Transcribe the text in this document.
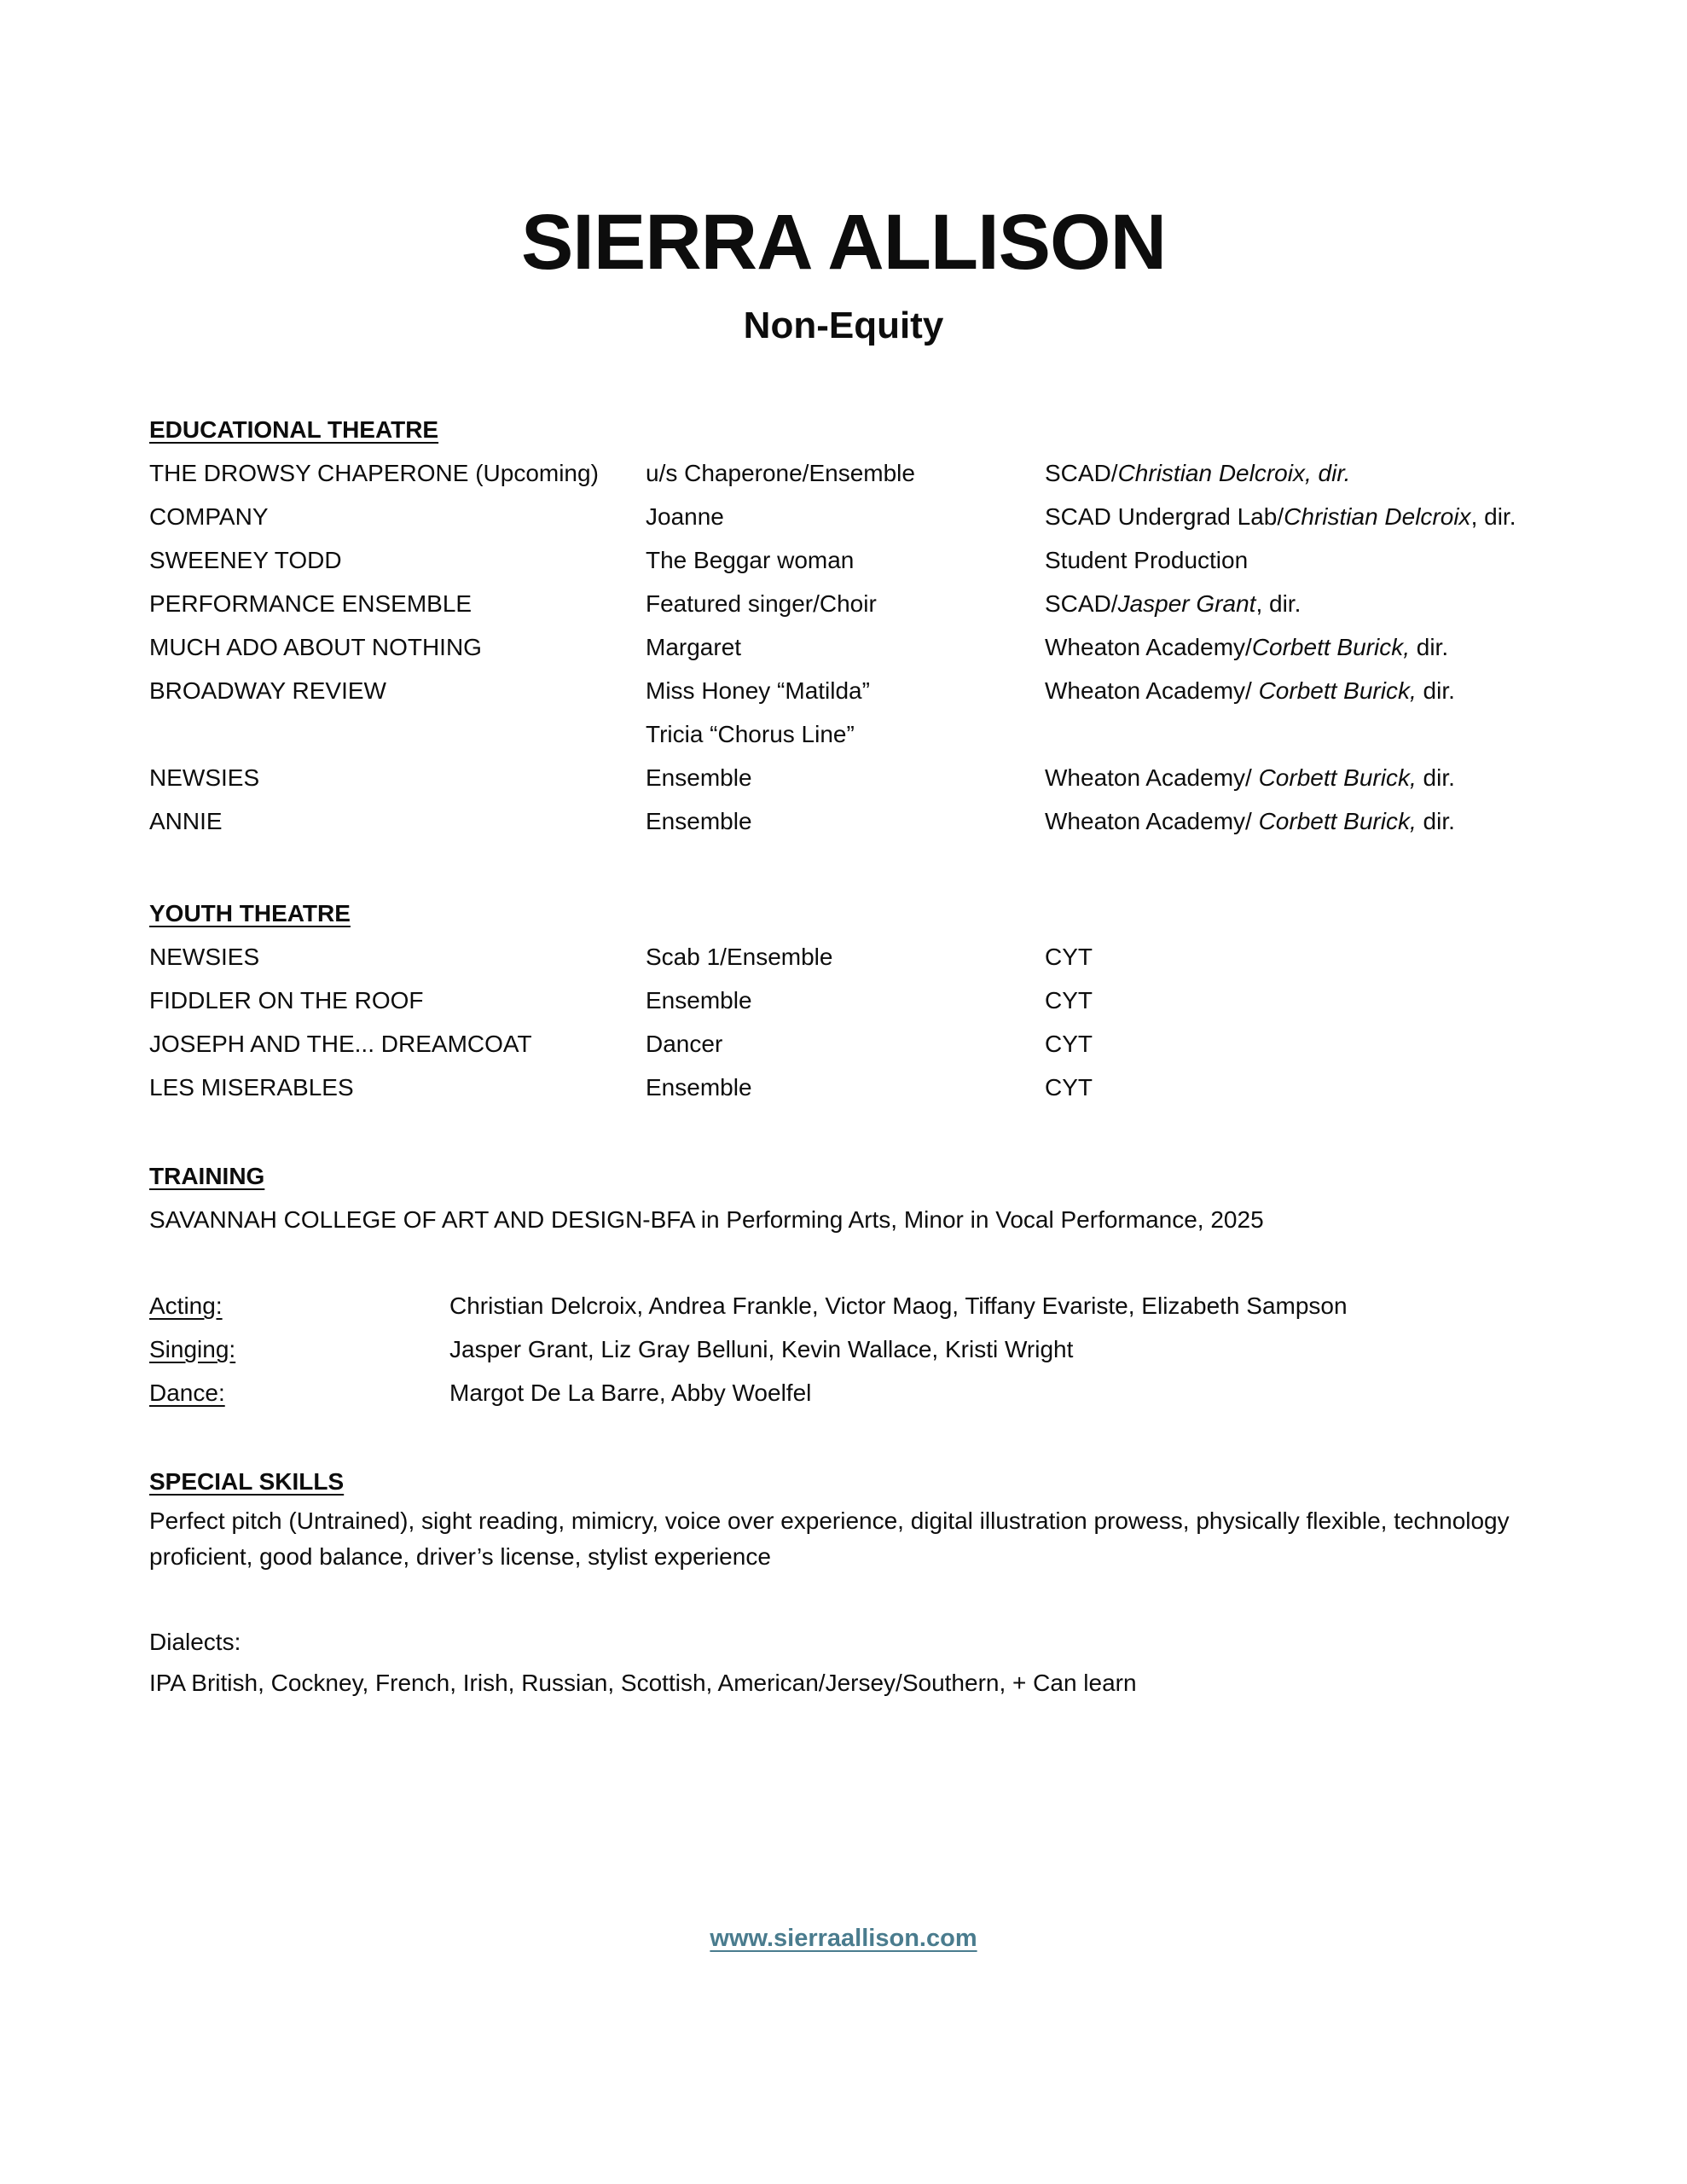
SIERRA ALLISON
Non-Equity
EDUCATIONAL THEATRE
THE DROWSY CHAPERONE (Upcoming)	u/s Chaperone/Ensemble	SCAD/Christian Delcroix, dir.
COMPANY	Joanne	SCAD Undergrad Lab/Christian Delcroix, dir.
SWEENEY TODD	The Beggar woman	Student Production
PERFORMANCE ENSEMBLE	Featured singer/Choir	SCAD/Jasper Grant, dir.
MUCH ADO ABOUT NOTHING	Margaret	Wheaton Academy/Corbett Burick, dir.
BROADWAY REVIEW	Miss Honey “Matilda”	Wheaton Academy/ Corbett Burick, dir.
Tricia “Chorus Line”
NEWSIES	Ensemble	Wheaton Academy/ Corbett Burick, dir.
ANNIE	Ensemble	Wheaton Academy/ Corbett Burick, dir.
YOUTH THEATRE
NEWSIES	Scab 1/Ensemble	CYT
FIDDLER ON THE ROOF	Ensemble	CYT
JOSEPH AND THE... DREAMCOAT	Dancer	CYT
LES MISERABLES	Ensemble	CYT
TRAINING
SAVANNAH COLLEGE OF ART AND DESIGN-BFA in Performing Arts, Minor in Vocal Performance, 2025
Acting:	Christian Delcroix, Andrea Frankle, Victor Maog, Tiffany Evariste, Elizabeth Sampson
Singing:	Jasper Grant, Liz Gray Belluni, Kevin Wallace, Kristi Wright
Dance:	Margot De La Barre, Abby Woelfel
SPECIAL SKILLS
Perfect pitch (Untrained), sight reading, mimicry, voice over experience, digital illustration prowess, physically flexible, technology proficient, good balance, driver’s license, stylist experience
Dialects:
IPA British, Cockney, French, Irish, Russian, Scottish, American/Jersey/Southern, + Can learn
www.sierraallison.com
